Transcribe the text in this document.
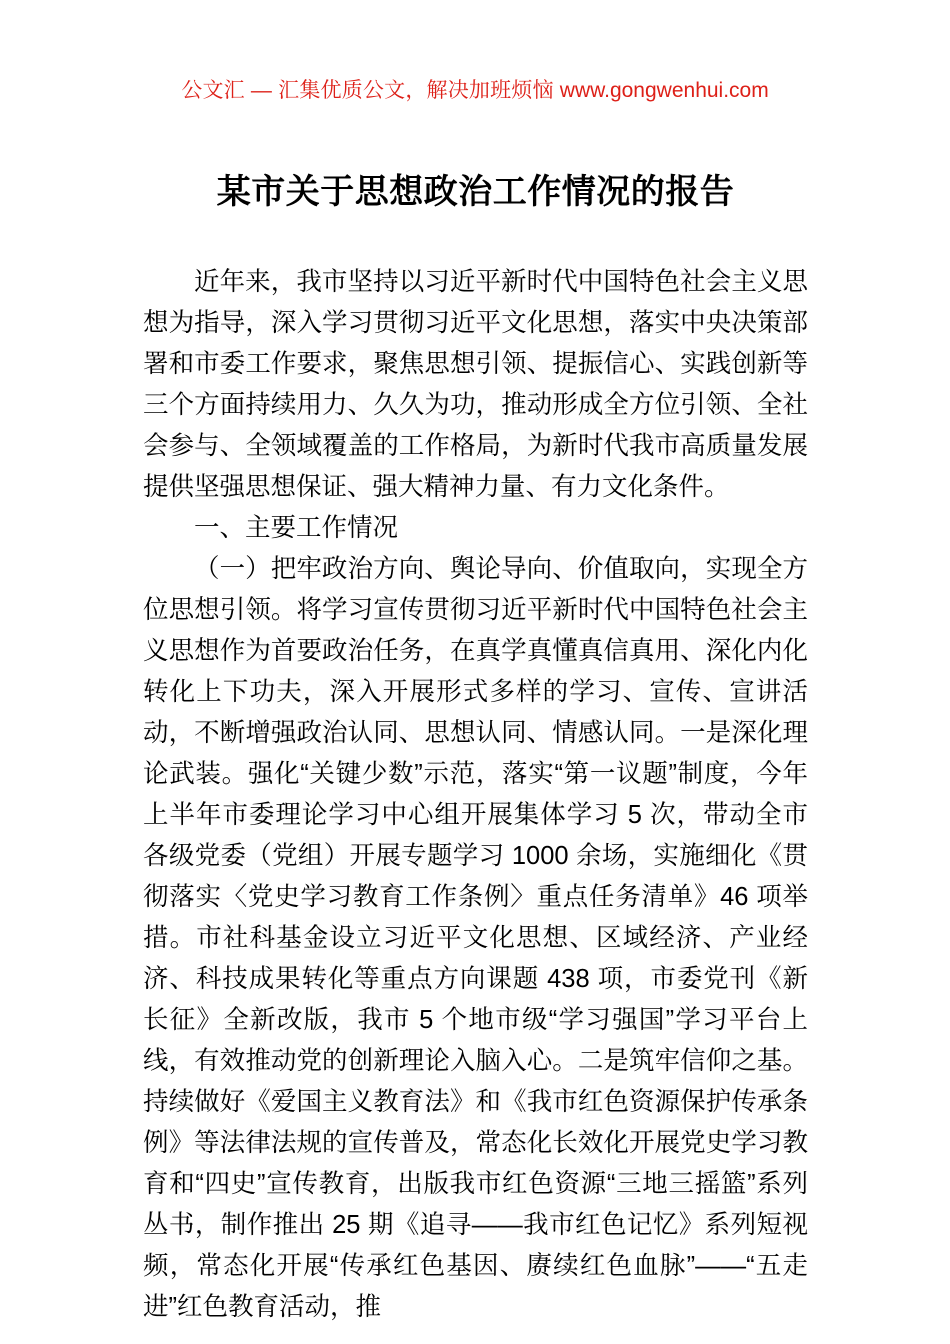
公文汇 — 汇集优质公文，解决加班烦恼 www.gongwenhui.com
某市关于思想政治工作情况的报告

近年来，我市坚持以习近平新时代中国特色社会主义思想为指导，深入学习贯彻习近平文化思想，落实中央决策部署和市委工作要求，聚焦思想引领、提振信心、实践创新等三个方面持续用力、久久为功，推动形成全方位引领、全社会参与、全领域覆盖的工作格局，为新时代我市高质量发展提供坚强思想保证、强大精神力量、有力文化条件。

一、主要工作情况

（一）把牢政治方向、舆论导向、价值取向，实现全方位思想引领。将学习宣传贯彻习近平新时代中国特色社会主义思想作为首要政治任务，在真学真懂真信真用、深化内化转化上下功夫，深入开展形式多样的学习、宣传、宣讲活动，不断增强政治认同、思想认同、情感认同。一是深化理论武装。强化“关键少数”示范，落实“第一议题”制度，今年上半年市委理论学习中心组开展集体学习 5 次，带动全市各级党委（党组）开展专题学习 1000 余场，实施细化《贯彻落实〈党史学习教育工作条例〉重点任务清单》46 项举措。市社科基金设立习近平文化思想、区域经济、产业经济、科技成果转化等重点方向课题 438 项，市委党刊《新长征》全新改版，我市 5 个地市级“学习强国”学习平台上线，有效推动党的创新理论入脑入心。二是筑牢信仰之基。持续做好《爱国主义教育法》和《我市红色资源保护传承条例》等法律法规的宣传普及，常态化长效化开展党史学习教育和“四史”宣传教育，出版我市红色资源“三地三摇篮”系列丛书，制作推出 25 期《追寻——我市红色记忆》系列短视频，常态化开展“传承红色基因、赓续红色血脉”——“五走进”红色教育活动，推
